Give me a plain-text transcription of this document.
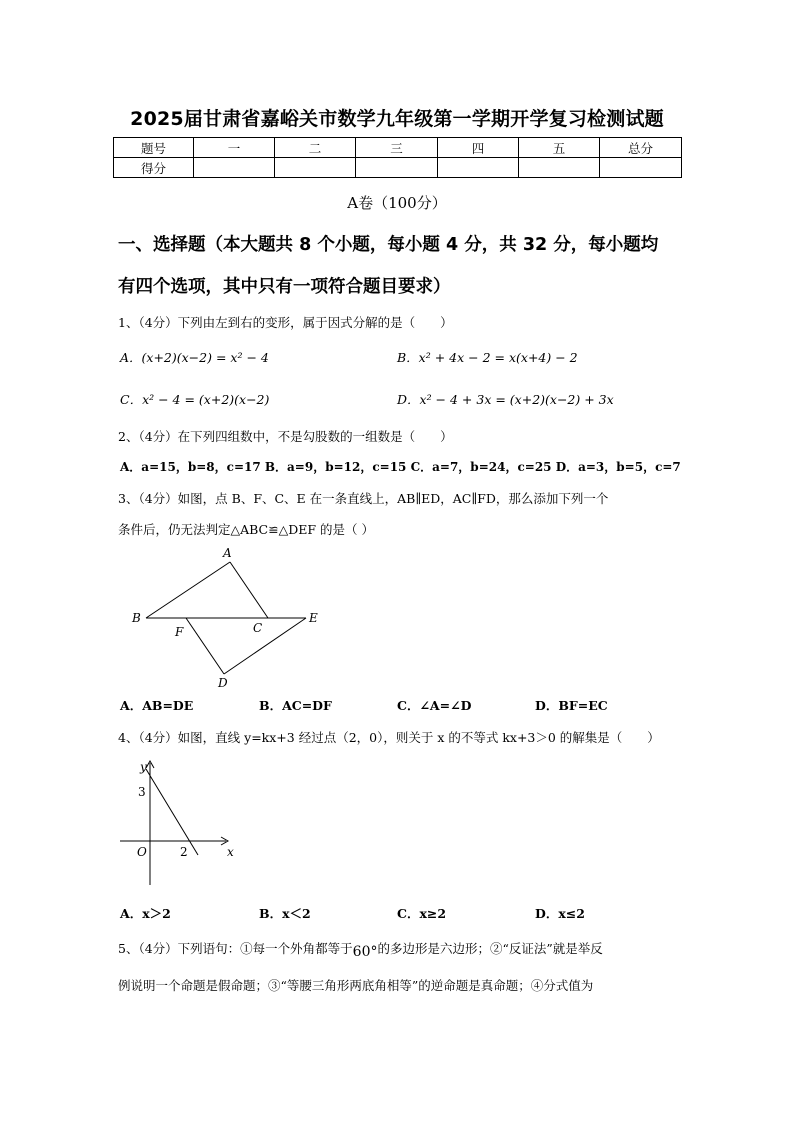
2025届甘肃省嘉峪关市数学九年级第一学期开学复习检测试题
题号	一	二	三	四	五	总分
得分						
A卷（100分）
一、选择题（本大题共 8 个小题，每小题 4 分，共 32 分，每小题均
有四个选项，其中只有一项符合题目要求）
1、（4分）下列由左到右的变形，属于因式分解的是（　　）
A．(x+2)(x−2) = x² − 4	B．x² + 4x − 2 = x(x+4) − 2
C．x² − 4 = (x+2)(x−2)	D．x² − 4 + 3x = (x+2)(x−2) + 3x
2、（4分）在下列四组数中，不是勾股数的一组数是（　　）
A．a=15，b=8，c=17 B．a=9，b=12，c=15 C．a=7，b=24，c=25 D．a=3，b=5，c=7
3、（4分）如图，点 B、F、C、E 在一条直线上，AB∥ED，AC∥FD，那么添加下列一个
条件后，仍无法判定△ABC≌△DEF 的是（ ）
A
B
F	C
E
D
A．AB=DE	B．AC=DF	C．∠A=∠D	D．BF=EC
4、（4分）如图，直线 y=kx+3 经过点（2，0），则关于 x 的不等式 kx+3＞0 的解集是（　　）
y
3
O	2	x
A．x＞2	B．x＜2	C．x≥2	D．x≤2
5、（4分）下列语句：①每一个外角都等于60°的多边形是六边形；②“反证法”就是举反
例说明一个命题是假命题；③“等腰三角形两底角相等”的逆命题是真命题；④分式值为
